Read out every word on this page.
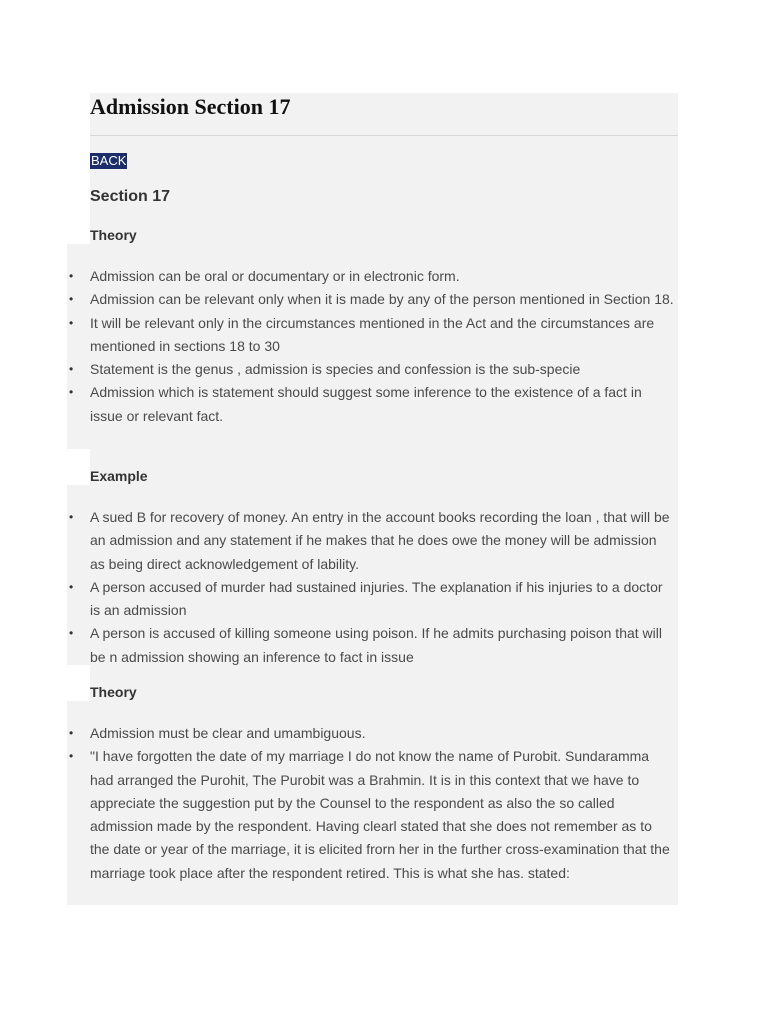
Admission Section 17
BACK
Section 17
Theory
• Admission can be oral or documentary or in electronic form.
• Admission can be relevant only when it is made by any of the person mentioned in Section 18.
• It will be relevant only in the circumstances mentioned in the Act and the circumstances are mentioned in sections 18 to 30
• Statement is the genus , admission is species and confession is the sub-specie
• Admission which is statement should suggest some inference to the existence of a fact in issue or relevant fact.
Example
• A sued B for recovery of money. An entry in the account books recording the loan , that will be an admission and any statement if he makes that he does owe the money will be admission as being direct acknowledgement of lability.
• A person accused of murder had sustained injuries. The explanation if his injuries to a doctor is an admission
• A person is accused of killing someone using poison. If he admits purchasing poison that will be n admission showing an inference to fact in issue
Theory
• Admission must be clear and umambiguous.
• "I have forgotten the date of my marriage I do not know the name of Purobit. Sundaramma had arranged the Purohit, The Purobit was a Brahmin. It is in this context that we have to appreciate the suggestion put by the Counsel to the respondent as also the so called admission made by the respondent. Having clearl stated that she does not remember as to the date or year of the marriage, it is elicited frorn her in the further cross-examination that the marriage took place after the respondent retired. This is what she has. stated:
